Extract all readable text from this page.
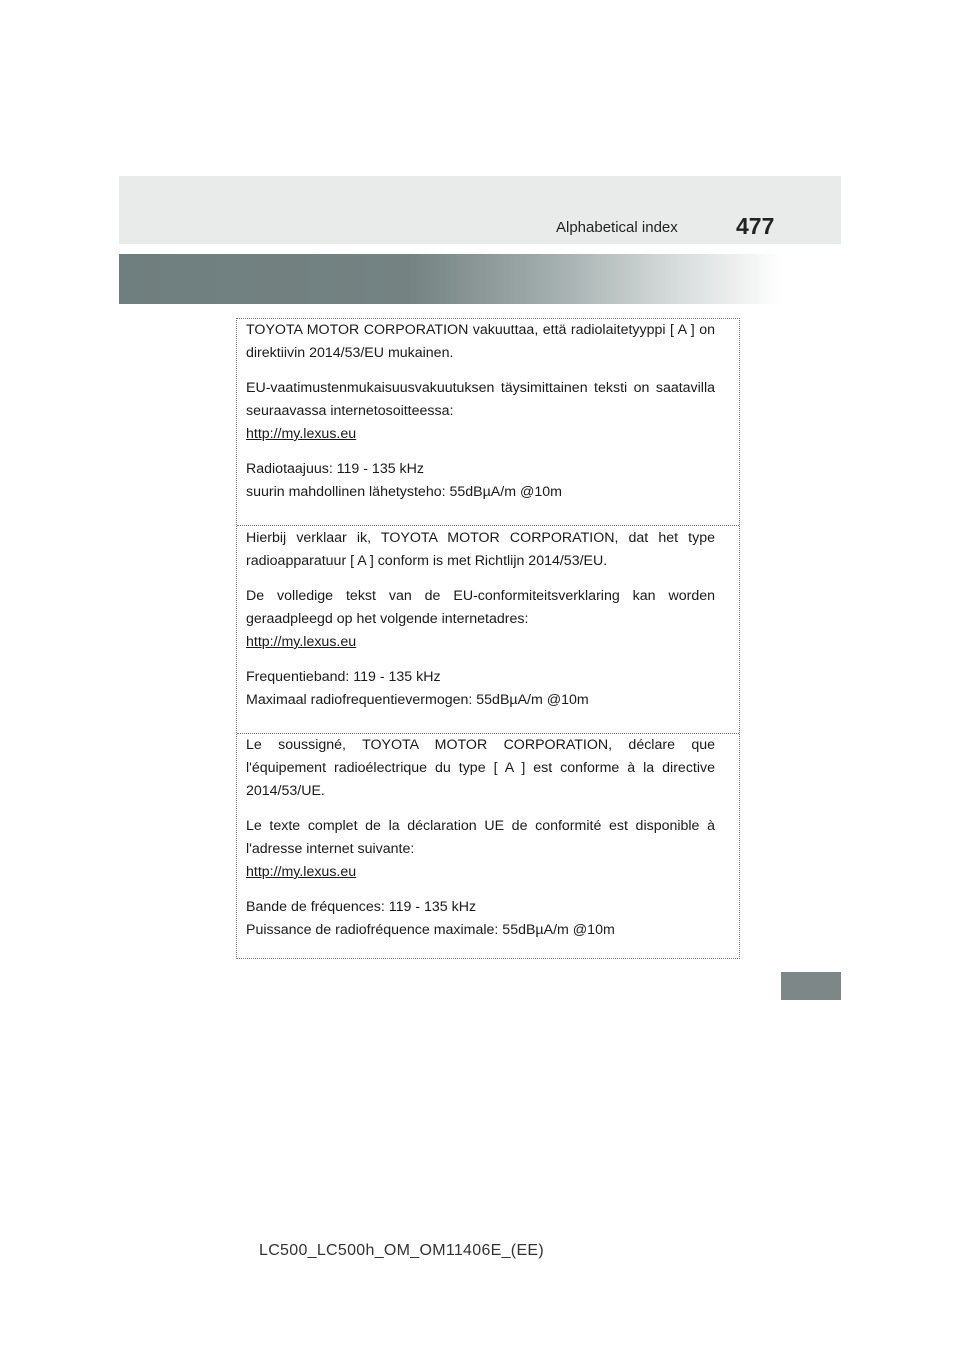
Alphabetical index	477

TOYOTA MOTOR CORPORATION vakuuttaa, että radiolaitetyyppi [ A ] on direktiivin 2014/53/EU mukainen.

EU-vaatimustenmukaisuusvakuutuksen täysimittainen teksti on saatavilla seuraavassa internetosoitteessa:

http://my.lexus.eu

Radiotaajuus: 119 - 135 kHz

suurin mahdollinen lähetysteho: 55dBµA/m @10m

Hierbij verklaar ik, TOYOTA MOTOR CORPORATION, dat het type radioapparatuur [ A ] conform is met Richtlijn 2014/53/EU.

De volledige tekst van de EU-conformiteitsverklaring kan worden geraadpleegd op het volgende internetadres:

http://my.lexus.eu

Frequentieband: 119 - 135 kHz

Maximaal radiofrequentievermogen: 55dBµA/m @10m

Le soussigné, TOYOTA MOTOR CORPORATION, déclare que l'équipement radioélectrique du type [ A ] est conforme à la directive 2014/53/UE.

Le texte complet de la déclaration UE de conformité est disponible à l'adresse internet suivante:

http://my.lexus.eu

Bande de fréquences: 119 - 135 kHz

Puissance de radiofréquence maximale: 55dBµA/m @10m

LC500_LC500h_OM_OM11406E_(EE)
